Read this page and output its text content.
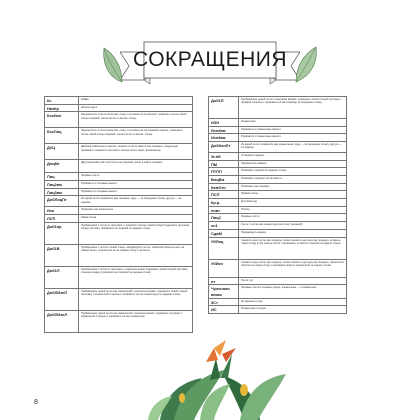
СОКРАЩЕНИЯ
Кс	Кайма
НачКр	Начало круга
КосИон	Переносится 1 петля на вспом. спицу и оставьте её за ключей, провязка 1 петлю левой спицы лицевой, затем петлю со вспом. спицы
КосЛиц	Переносится 1 петля на вспом. спицу и оставьте её на лицевой стороне, провязка 1 петлю левой спицы лицевой, затем петлю со вспом. спицы
ДУЦ	Двойной убавление в центре: снимите 2 петли вместе как лицевые, следующую провяжите лицевой и протяните снятые петли через провязанную
ДлцМт	Двусторонний слой: на 5 петли на лицевой, петли в набор лицевых
Лиц	Лицевые петли
Лиц2вм	Провяжите 2 лицевые вместе
Лиц3вм	Провяжите 3 лицевые вместе
ДобЛицПт	Из одной петли провяжите две лицевые: одну — за переднюю стенку, другую — за заднюю
Изн	Провязать как изнаночную
ЛСП	Левая спица
Доб1пр	Прибавление 1 петли из протяжки: с лицевой стороны левой спицей поднимите протяжку между петлями, провяжите её лицевой за заднюю стенку
Доб1В	Прибавление 1 петли в левой спице: сформируйте петлю, набросив рабочую нить на левый палец, перенесите её на правую спицу и затяните
Доб1Л	Прибавление 1 петли из протяжки: с наклоном влево поднимите левой спицей протяжку спереди назад и провяжите её лицевой за заднюю стенку
ДобЛИзнП	Прибавление одной петли как изнаночной с наклоном вправо: поднимите левой спицей протяжку с изнаночной стороны и провяжите её как изнаночную за заднюю стенку
ДобЛИзнЛ	Прибавление одной петли как изнаночной с наклоном влево: поднимите протяжку с изнаночной стороны и провяжите её как изнаночную
Доб1П	Прибавление одной петли с наклоном вправо: поднимите левой спицей протяжку с лицевой стороны и провяжите её как лицевую за переднюю стенку
ИЗН	Изнаночная
Изн2вм	Провяжите 2 изнаночные вместе
Изн3вм	Провяжите 3 изнаночные вместе
ДобИзнПт	Из одной петли провяжите две изнаночные: одну — за переднюю стенку, другую — за заднюю
УстМ	Установить маркер
ПМ	Переместить маркер
ПТПП	Провязать лицевой за заднюю стенку
ВлцВм	Провязать лицевую петлю вместе
КамОтн	Провязать как лицевую
ПСП	Правая спица
Кр.р.	Круговой ряд
повт	Повтор
ЛицС	Лицевые петли
сн1	Снять 1 петлю как изнаночную (если нет указаний)
СдвМ	Передвинуть маркер
УбЛиц	Снимите одну петлю как лицевую, затем снимите ещё одну как лицевую, вставьте левую спицу в обе снятые петли и провяжите их вместе лицевой за задние стенки
УбИзн	Снимите одну петлю как лицевую, затем снимите ещё одну как лицевую, перенесите обратно на левую спицу и провяжите вместе изнаночной за задние стенки
пт	Петля (-и)
Чулочная вязка	Лицевые петли в лицевых рядах, изнаночные — в изнаночных
3Ст	За заднюю стенку
ИС	Изнаночная сторона
8
